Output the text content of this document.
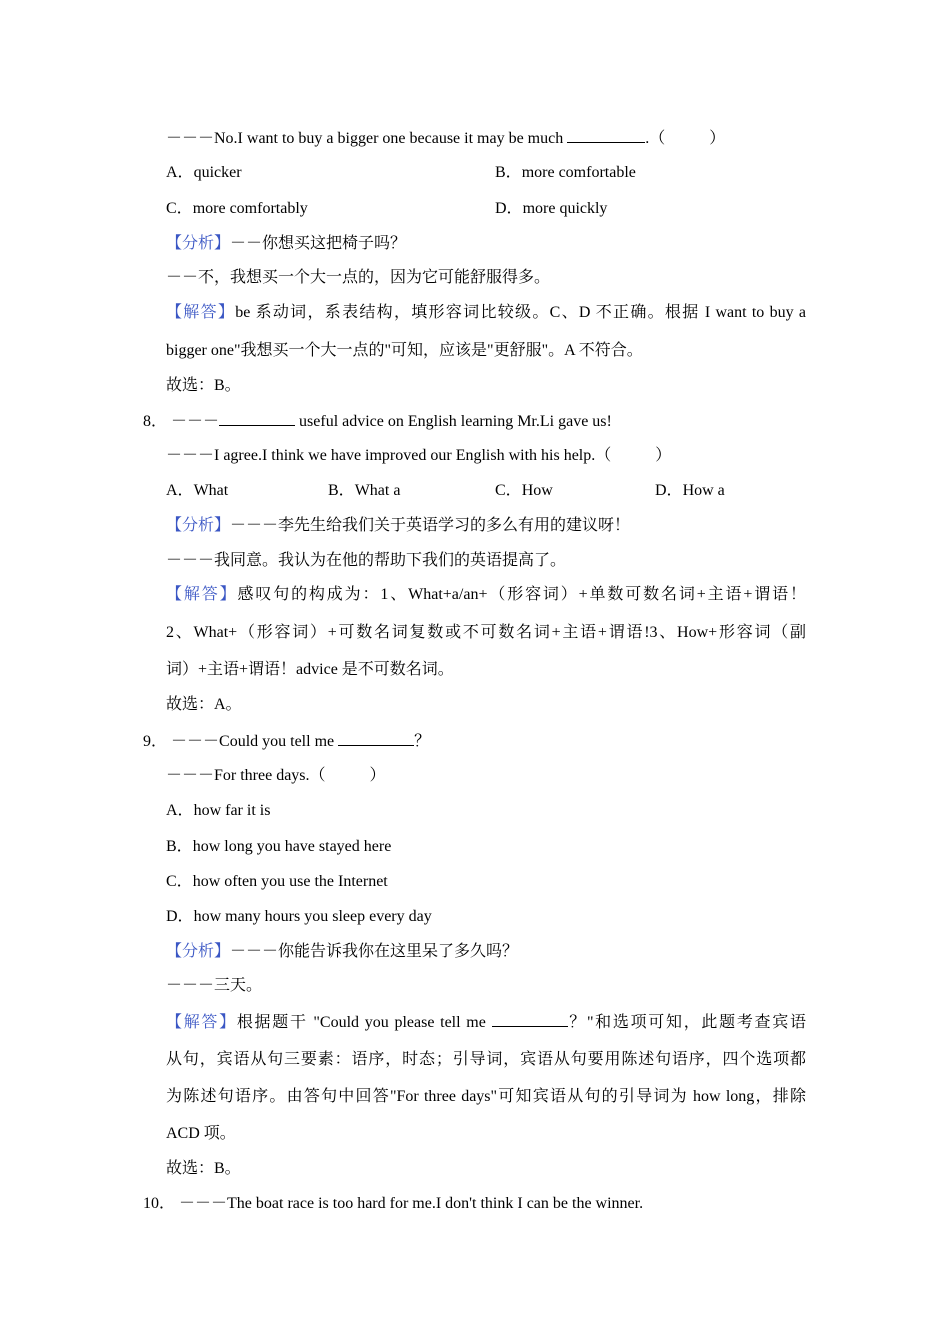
－－－No.I want to buy a bigger one because it may be much	.（	）
A．quicker	B．more comfortable
C．more comfortably	D．more quickly
【分析】－－你想买这把椅子吗？
－－不，我想买一个大一点的，因为它可能舒服得多。
【解答】be 系动词，系表结构，填形容词比较级。C、D 不正确。根据 I want to buy a
bigger one"我想买一个大一点的"可知，应该是"更舒服"。A 不符合。
故选：B。
8． －－－	useful advice on English learning Mr.Li gave us!
－－－I agree.I think we have improved our English with his help.（	）
A．What	B．What a	C．How	D．How a
【分析】－－－李先生给我们关于英语学习的多么有用的建议呀！
－－－我同意。我认为在他的帮助下我们的英语提高了。
【解答】感叹句的构成为：1、What+a/an+（形容词）+单数可数名词+主语+谓语！
2、What+（形容词）+可数名词复数或不可数名词+主语+谓语!3、How+形容词（副
词）+主语+谓语！advice 是不可数名词。
故选：A。
9． －－－Could you tell me	？
－－－For three days.（	）
A．how far it is
B．how long you have stayed here
C．how often you use the Internet
D．how many hours you sleep every day
【分析】－－－你能告诉我你在这里呆了多久吗？
－－－三天。
【解答】根据题干 "Could you please tell me	？"和选项可知，此题考查宾语
从句，宾语从句三要素：语序，时态；引导词，宾语从句要用陈述句语序，四个选项都
为陈述句语序。由答句中回答"For three days"可知宾语从句的引导词为 how long，排除
ACD 项。
故选：B。
10． －－－The boat race is too hard for me.I don't think I can be the winner.
